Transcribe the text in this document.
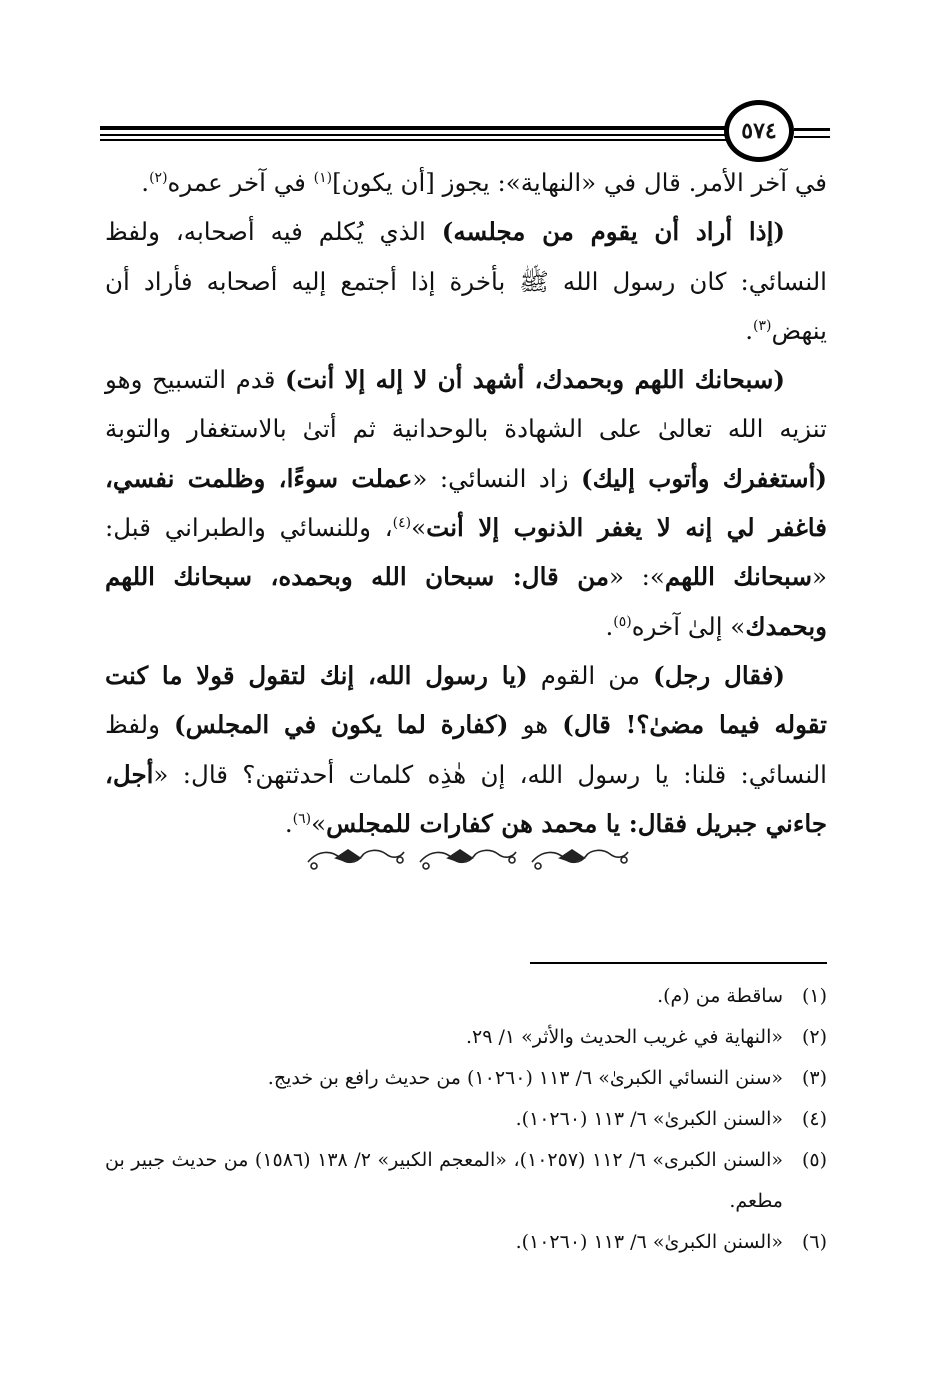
٥٧٤

في آخر الأمر. قال في «النهاية»: يجوز [أن يكون]$^{(١)}$ في آخر عمره$^{(٢)}$.

(إذا أراد أن يقوم من مجلسه) الذي يُكلم فيه أصحابه، ولفظ النسائي: كان رسول الله ﷺ بأخرة إذا أجتمع إليه أصحابه فأراد أن ينهض$^{(٣)}$.

(سبحانك اللهم وبحمدك، أشهد أن لا إله إلا أنت) قدم التسبيح وهو تنزيه الله تعالىٰ على الشهادة بالوحدانية ثم أتىٰ بالاستغفار والتوبة (أستغفرك وأتوب إليك) زاد النسائي: «عملت سوءًا، وظلمت نفسي، فاغفر لي إنه لا يغفر الذنوب إلا أنت»$^{(٤)}$، وللنسائي والطبراني قبل: «سبحانك اللهم»: «من قال: سبحان الله وبحمده، سبحانك اللهم وبحمدك» إلىٰ آخره$^{(٥)}$.

(فقال رجل) من القوم (يا رسول الله، إنك لتقول قولا ما كنت تقوله فيما مضىٰ؟! قال) هو (كفارة لما يكون في المجلس) ولفظ النسائي: قلنا: يا رسول الله، إن هٰذِه كلمات أحدثتهن؟ قال: «أجل، جاءني جبريل فقال: يا محمد هن كفارات للمجلس»$^{(٦)}$.

(١)
ساقطة من (م).
(٢)
«النهاية في غريب الحديث والأثر» ١/ ٢٩.
(٣)
«سنن النسائي الكبرىٰ» ٦/ ١١٣ (١٠٢٦٠) من حديث رافع بن خديج.
(٤)
«السنن الكبرىٰ» ٦/ ١١٣ (١٠٢٦٠).
(٥)
«السنن الكبرى» ٦/ ١١٢ (١٠٢٥٧)، «المعجم الكبير» ٢/ ١٣٨ (١٥٨٦) من حديث جبير بن مطعم.
(٦)
«السنن الكبرىٰ» ٦/ ١١٣ (١٠٢٦٠).
